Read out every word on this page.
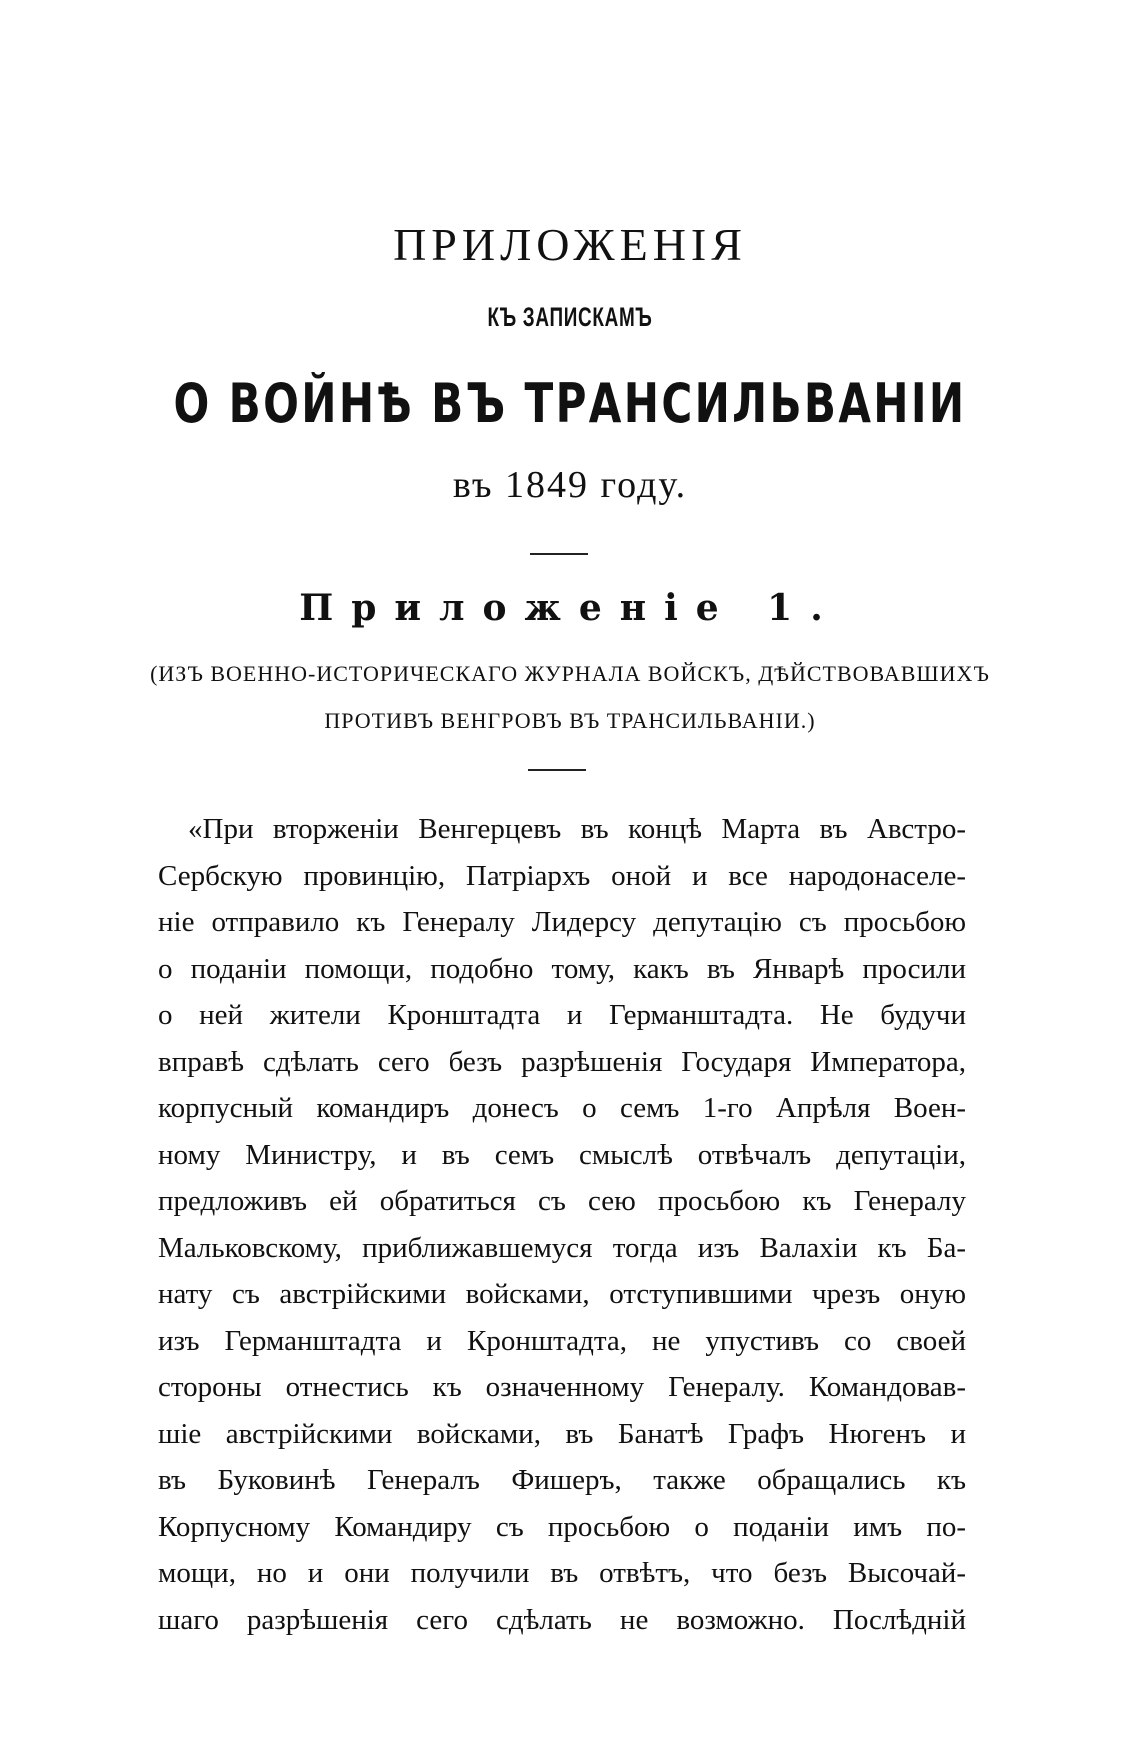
ПРИЛОЖЕНІЯ
КЪ ЗАПИСКАМЪ
О ВОЙНѢ ВЪ ТРАНСИЛЬВАНІИ
въ 1849 году.
Приложеніе 1.
(ИЗЪ ВОЕННО-ИСТОРИЧЕСКАГО ЖУРНАЛА ВОЙСКЪ, ДѢЙСТВОВАВШИХЪ
ПРОТИВЪ ВЕНГРОВЪ ВЪ ТРАНСИЛЬВАНІИ.)
«При вторженіи Венгерцевъ въ концѣ Марта въ Австро-
Сербскую провинцію, Патріархъ оной и все народонаселе-
ніе отправило къ Генералу Лидерсу депутацію съ просьбою
о поданіи помощи, подобно тому, какъ въ Январѣ просили
о ней жители Кронштадта и Германштадта. Не будучи
вправѣ сдѣлать сего безъ разрѣшенія Государя Императора,
корпусный командиръ донесъ о семъ 1-го Апрѣля Воен-
ному Министру, и въ семъ смыслѣ отвѣчалъ депутаціи,
предложивъ ей обратиться съ сею просьбою къ Генералу
Мальковскому, приближавшемуся тогда изъ Валахіи къ Ба-
нату съ австрійскими войсками, отступившими чрезъ оную
изъ Германштадта и Кронштадта, не упустивъ со своей
стороны отнестись къ означенному Генералу. Командовав-
шіе австрійскими войсками, въ Банатѣ Графъ Нюгенъ и
въ Буковинѣ Генералъ Фишеръ, также обращались къ
Корпусному Командиру съ просьбою о поданіи имъ по-
мощи, но и они получили въ отвѣтъ, что безъ Высочай-
шаго разрѣшенія сего сдѣлать не возможно. Послѣдній
